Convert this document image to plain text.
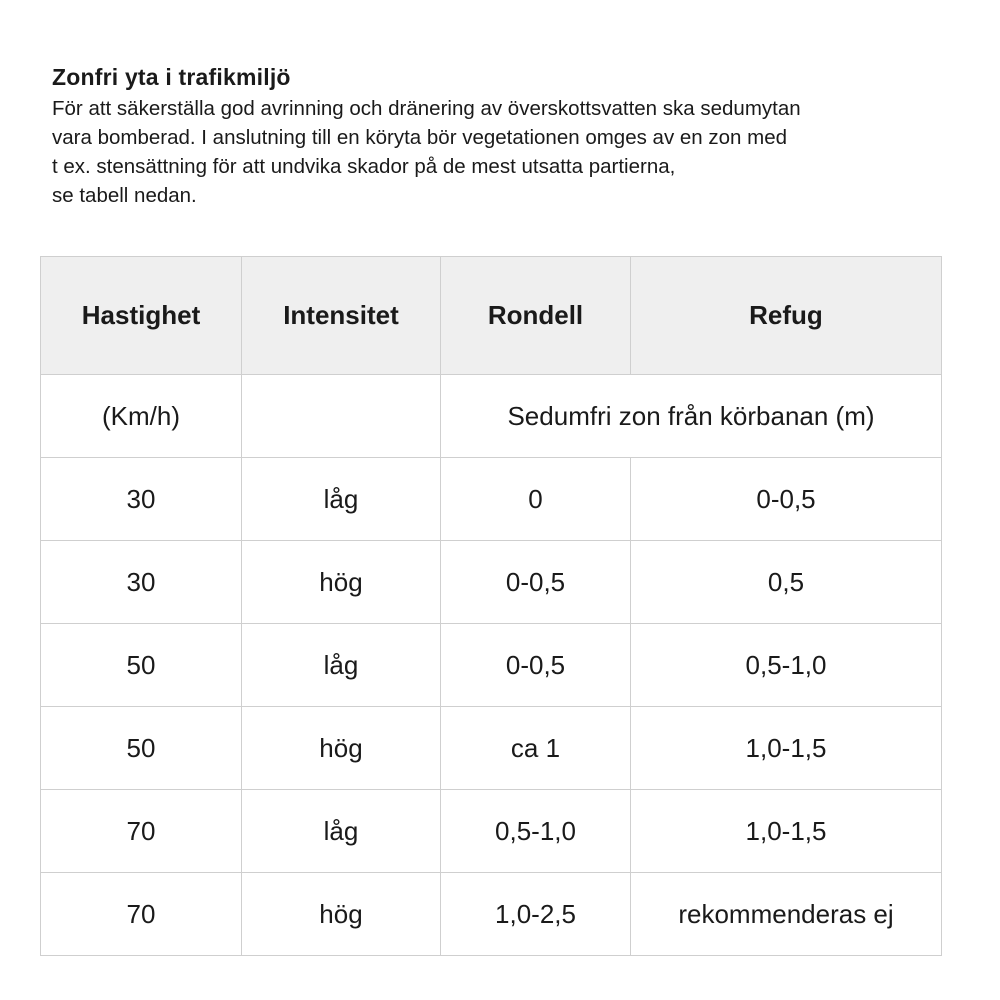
Zonfri yta i trafikmiljö
För att säkerställa god avrinning och dränering av överskottsvatten ska sedumytan
vara bomberad. I anslutning till en köryta bör vegetationen omges av en zon med
t ex. stensättning för att undvika skador på de mest utsatta partierna,
se tabell nedan.
Hastighet	Intensitet	Rondell	Refug
(Km/h)		Sedumfri zon från körbanan (m)	
30	låg	0	0-0,5
30	hög	0-0,5	0,5
50	låg	0-0,5	0,5-1,0
50	hög	ca 1	1,0-1,5
70	låg	0,5-1,0	1,0-1,5
70	hög	1,0-2,5	rekommenderas ej
